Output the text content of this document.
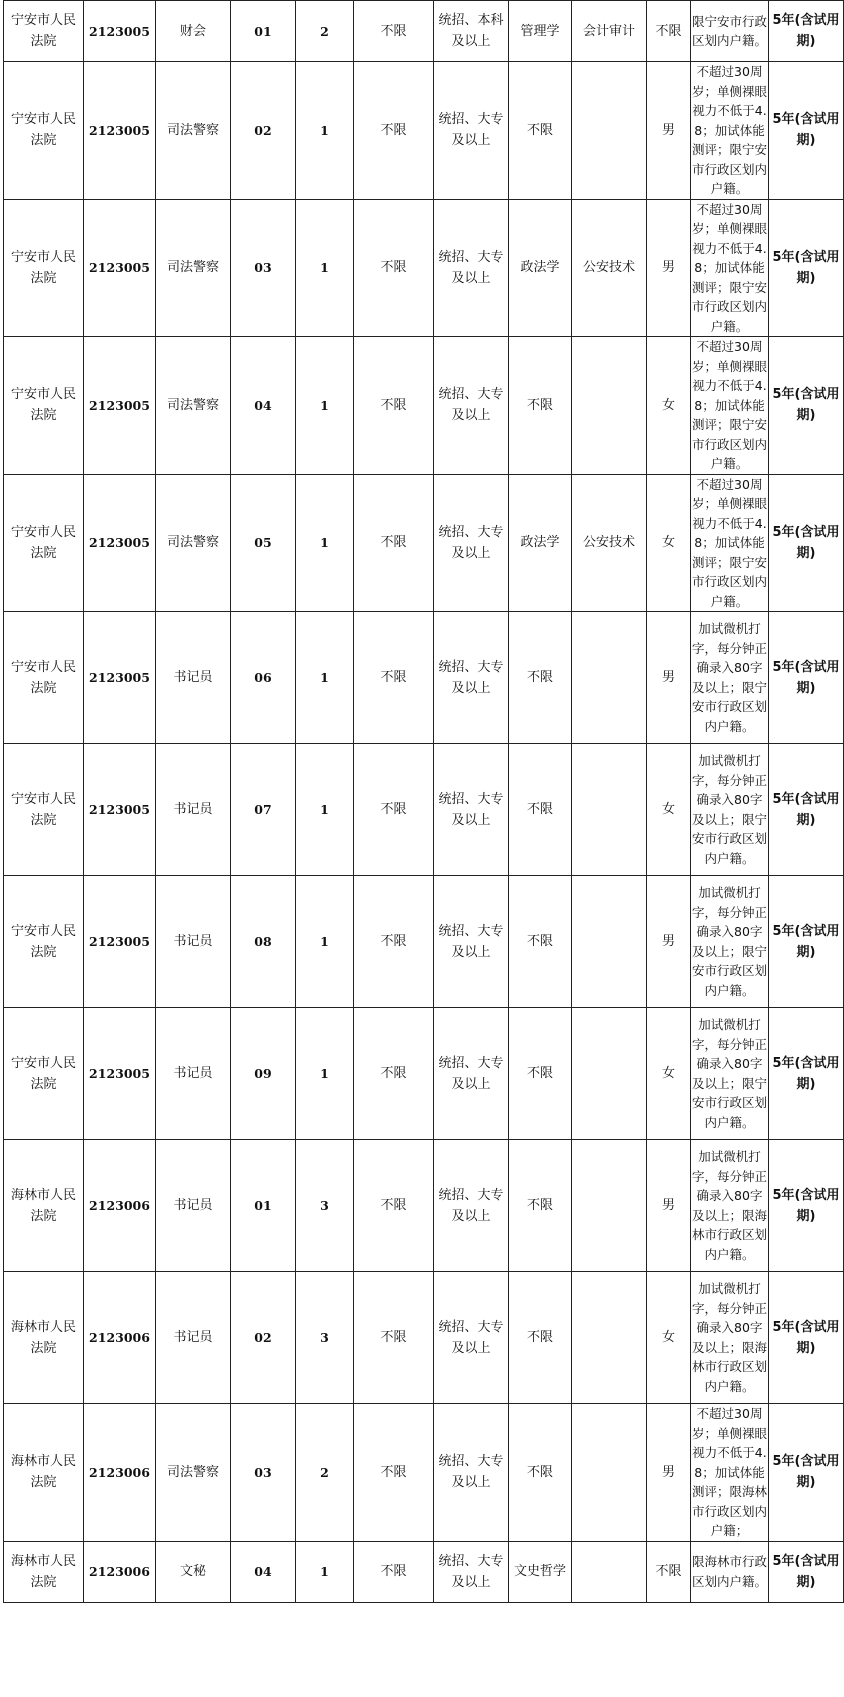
宁安市人民法院	2123005	财会	01	2	不限	统招、本科及以上	管理学	会计审计	不限	限宁安市行政区划内户籍。	5年(含试用期)
宁安市人民法院	2123005	司法警察	02	1	不限	统招、大专及以上	不限		男	不超过30周岁；单侧裸眼视力不低于4.8；加试体能测评；限宁安市行政区划内户籍。	5年(含试用期)
宁安市人民法院	2123005	司法警察	03	1	不限	统招、大专及以上	政法学	公安技术	男	不超过30周岁；单侧裸眼视力不低于4.8；加试体能测评；限宁安市行政区划内户籍。	5年(含试用期)
宁安市人民法院	2123005	司法警察	04	1	不限	统招、大专及以上	不限		女	不超过30周岁；单侧裸眼视力不低于4.8；加试体能测评；限宁安市行政区划内户籍。	5年(含试用期)
宁安市人民法院	2123005	司法警察	05	1	不限	统招、大专及以上	政法学	公安技术	女	不超过30周岁；单侧裸眼视力不低于4.8；加试体能测评；限宁安市行政区划内户籍。	5年(含试用期)
宁安市人民法院	2123005	书记员	06	1	不限	统招、大专及以上	不限		男	加试微机打字，每分钟正确录入80字及以上；限宁安市行政区划内户籍。	5年(含试用期)
宁安市人民法院	2123005	书记员	07	1	不限	统招、大专及以上	不限		女	加试微机打字，每分钟正确录入80字及以上；限宁安市行政区划内户籍。	5年(含试用期)
宁安市人民法院	2123005	书记员	08	1	不限	统招、大专及以上	不限		男	加试微机打字，每分钟正确录入80字及以上；限宁安市行政区划内户籍。	5年(含试用期)
宁安市人民法院	2123005	书记员	09	1	不限	统招、大专及以上	不限		女	加试微机打字，每分钟正确录入80字及以上；限宁安市行政区划内户籍。	5年(含试用期)
海林市人民法院	2123006	书记员	01	3	不限	统招、大专及以上	不限		男	加试微机打字，每分钟正确录入80字及以上；限海林市行政区划内户籍。	5年(含试用期)
海林市人民法院	2123006	书记员	02	3	不限	统招、大专及以上	不限		女	加试微机打字，每分钟正确录入80字及以上；限海林市行政区划内户籍。	5年(含试用期)
海林市人民法院	2123006	司法警察	03	2	不限	统招、大专及以上	不限		男	不超过30周岁；单侧裸眼视力不低于4.8；加试体能测评；限海林市行政区划内户籍；	5年(含试用期)
海林市人民法院	2123006	文秘	04	1	不限	统招、大专及以上	文史哲学		不限	限海林市行政区划内户籍。	5年(含试用期)
